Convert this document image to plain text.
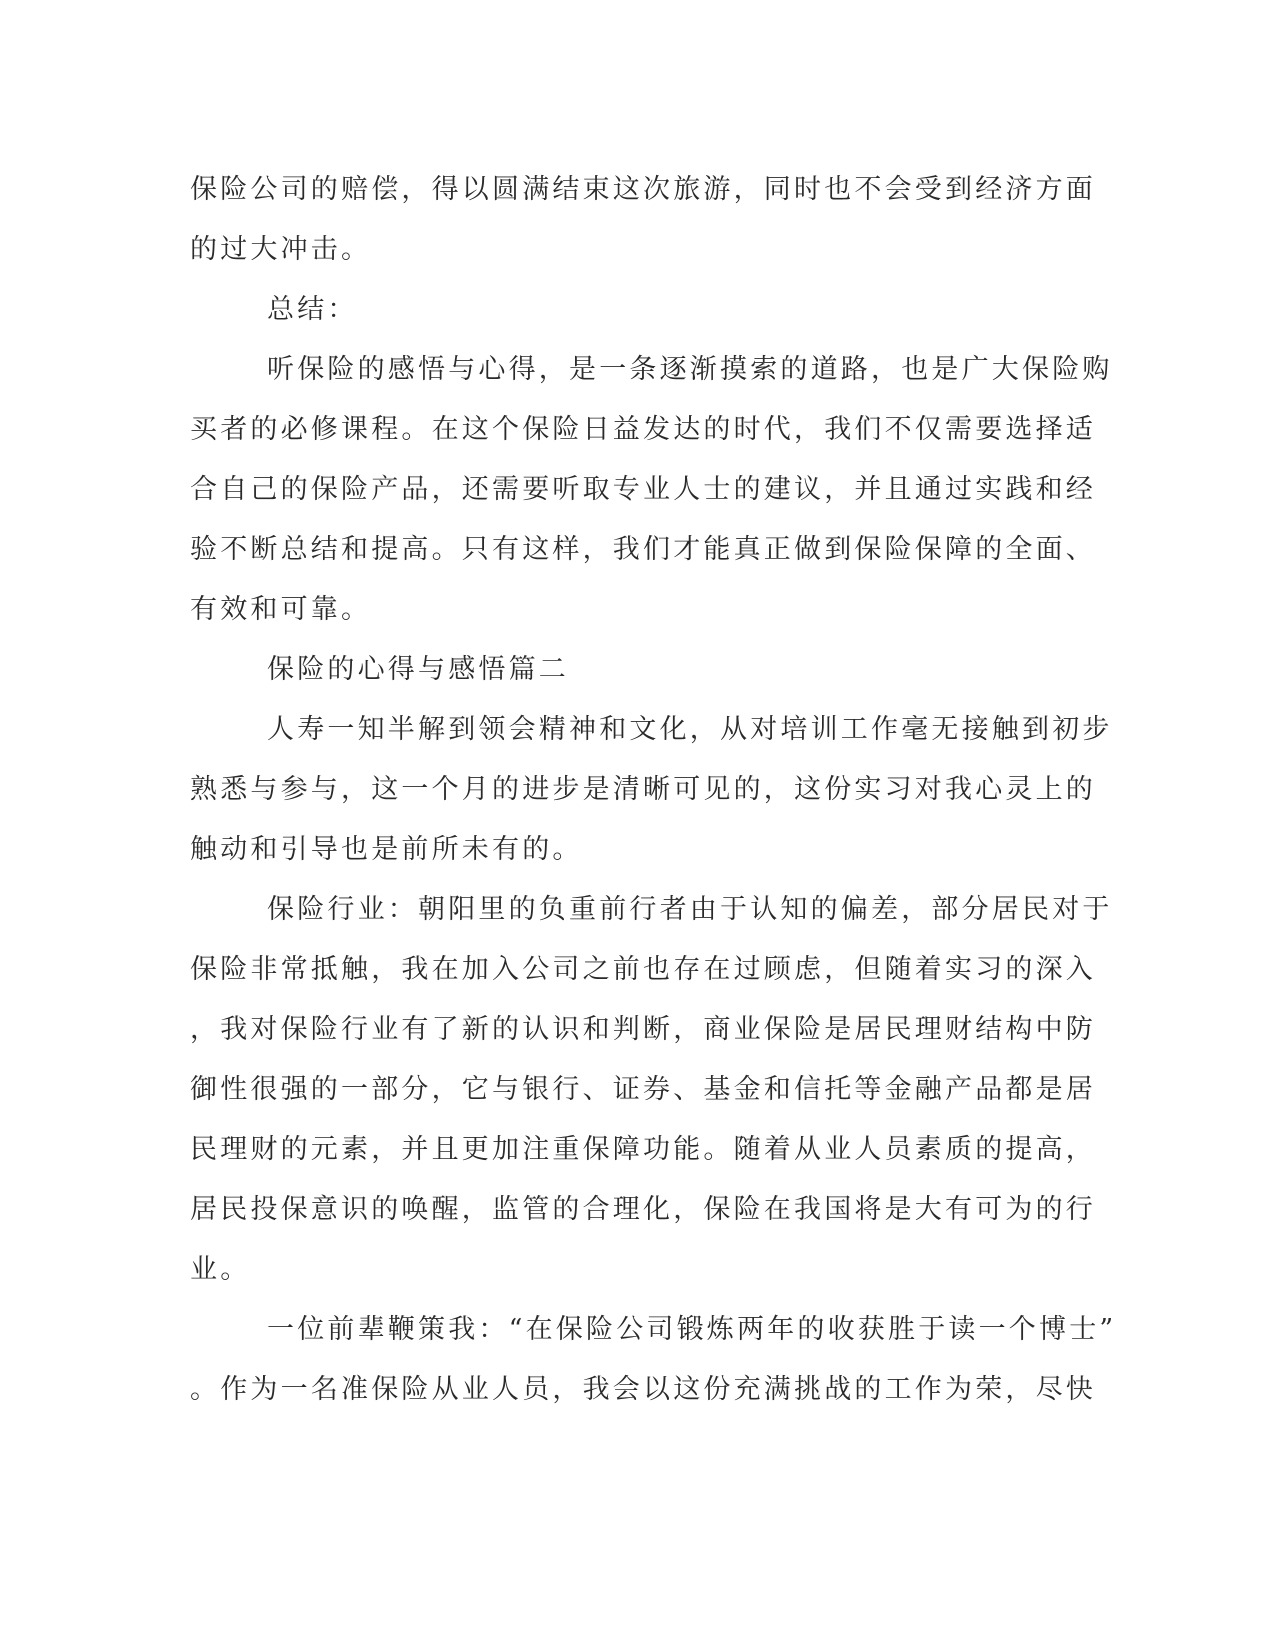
保险公司的赔偿，得以圆满结束这次旅游，同时也不会受到经济方面
的过大冲击。
总结：
听保险的感悟与心得，是一条逐渐摸索的道路，也是广大保险购
买者的必修课程。在这个保险日益发达的时代，我们不仅需要选择适
合自己的保险产品，还需要听取专业人士的建议，并且通过实践和经
验不断总结和提高。只有这样，我们才能真正做到保险保障的全面、
有效和可靠。
保险的心得与感悟篇二
人寿一知半解到领会精神和文化，从对培训工作毫无接触到初步
熟悉与参与，这一个月的进步是清晰可见的，这份实习对我心灵上的
触动和引导也是前所未有的。
保险行业：朝阳里的负重前行者由于认知的偏差，部分居民对于
保险非常抵触，我在加入公司之前也存在过顾虑，但随着实习的深入
，我对保险行业有了新的认识和判断，商业保险是居民理财结构中防
御性很强的一部分，它与银行、证券、基金和信托等金融产品都是居
民理财的元素，并且更加注重保障功能。随着从业人员素质的提高，
居民投保意识的唤醒，监管的合理化，保险在我国将是大有可为的行
业。
一位前辈鞭策我：“在保险公司锻炼两年的收获胜于读一个博士”
。作为一名准保险从业人员，我会以这份充满挑战的工作为荣，尽快
